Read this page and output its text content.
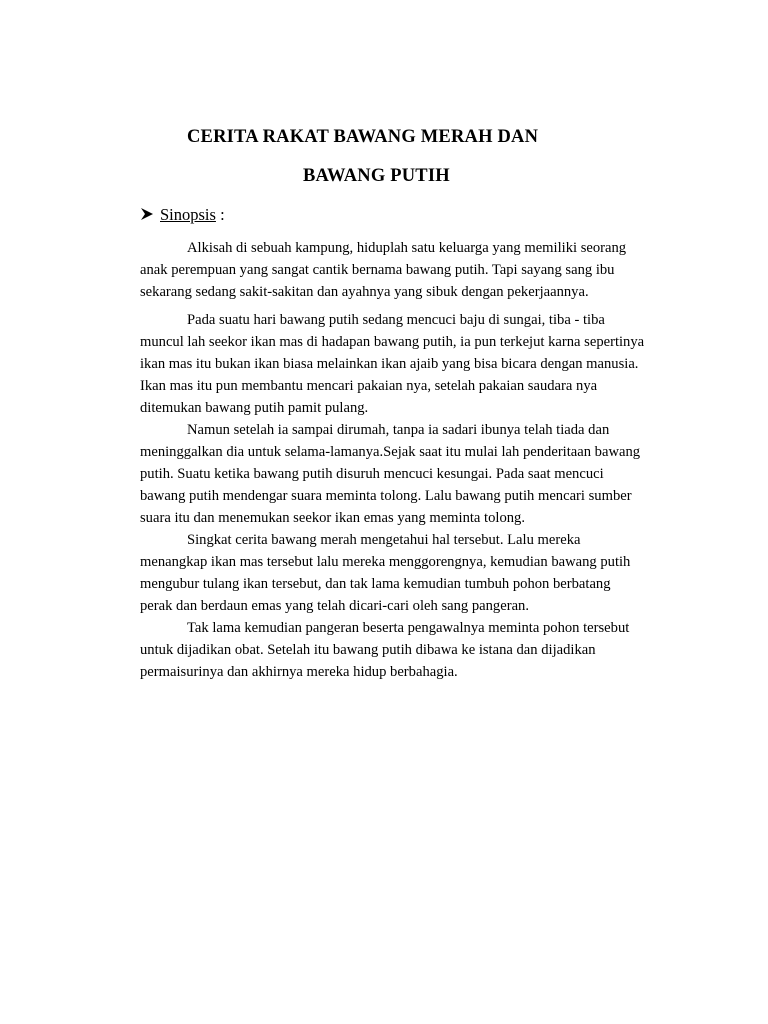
CERITA RAKAT BAWANG MERAH DAN
BAWANG PUTIH
Sinopsis :

Alkisah di sebuah kampung, hiduplah satu keluarga yang memiliki seorang
anak perempuan yang sangat cantik bernama bawang putih. Tapi sayang sang ibu
sekarang sedang sakit-sakitan dan ayahnya yang sibuk dengan pekerjaannya.

Pada suatu hari bawang putih sedang mencuci baju di sungai, tiba - tiba
muncul lah seekor ikan mas di hadapan bawang putih, ia pun terkejut karna sepertinya
ikan mas itu bukan ikan biasa melainkan ikan ajaib yang bisa bicara dengan manusia.
Ikan mas itu pun membantu mencari pakaian nya, setelah pakaian saudara nya
ditemukan bawang putih pamit pulang.

Namun setelah ia sampai dirumah, tanpa ia sadari ibunya telah tiada dan
meninggalkan dia untuk selama-lamanya.Sejak saat itu mulai lah penderitaan bawang
putih. Suatu ketika bawang putih disuruh mencuci kesungai. Pada saat mencuci
bawang putih mendengar suara meminta tolong. Lalu bawang putih mencari sumber
suara itu dan menemukan seekor ikan emas yang meminta tolong.

Singkat cerita bawang merah mengetahui hal tersebut. Lalu mereka
menangkap ikan mas tersebut lalu mereka menggorengnya, kemudian bawang putih
mengubur tulang ikan tersebut, dan tak lama kemudian tumbuh pohon berbatang
perak dan berdaun emas yang telah dicari-cari oleh sang pangeran.

Tak lama kemudian pangeran beserta pengawalnya meminta pohon tersebut
untuk dijadikan obat. Setelah itu bawang putih dibawa ke istana dan dijadikan
permaisurinya dan akhirnya mereka hidup berbahagia.
